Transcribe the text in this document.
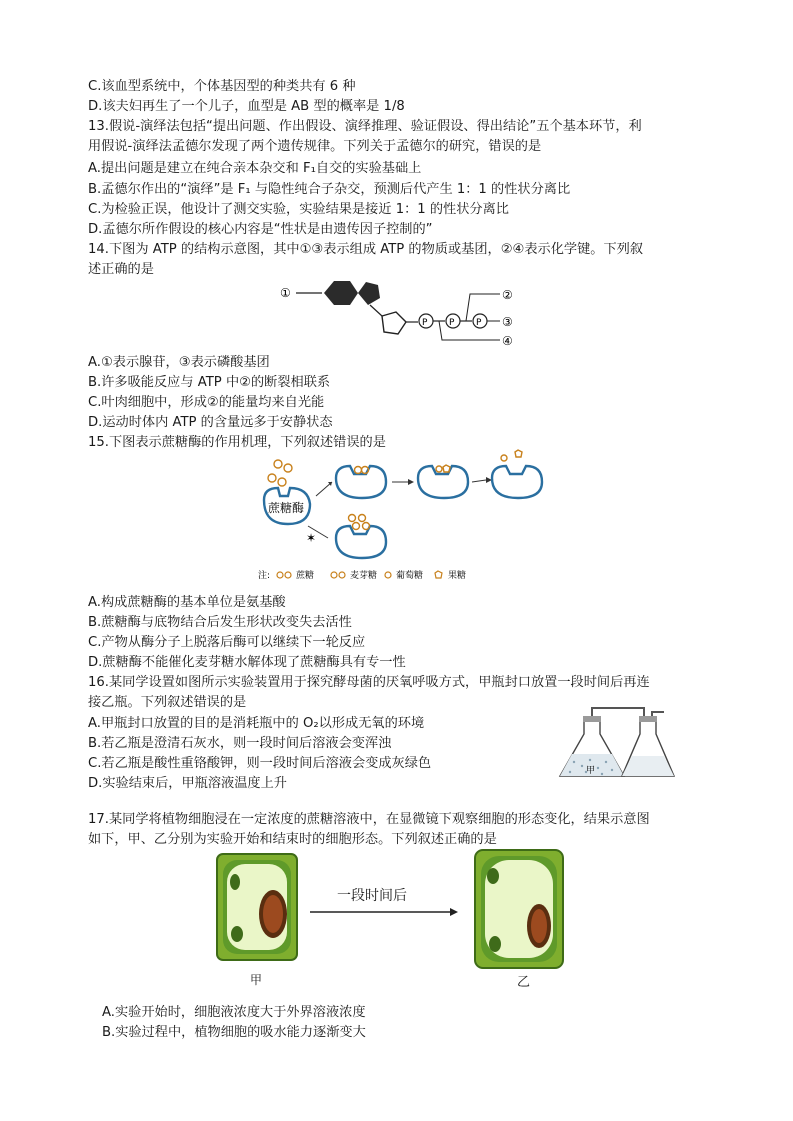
C.该血型系统中，个体基因型的种类共有 6 种
D.该夫妇再生了一个儿子，血型是 AB 型的概率是 1/8
13.假说-演绎法包括“提出问题、作出假设、演绎推理、验证假设、得出结论”五个基本环节，利
用假说-演绎法孟德尔发现了两个遗传规律。下列关于孟德尔的研究，错误的是
A.提出问题是建立在纯合亲本杂交和 F₁自交的实验基础上
B.孟德尔作出的“演绎”是 F₁ 与隐性纯合子杂交，预测后代产生 1：1 的性状分离比
C.为检验正误，他设计了测交实验，实验结果是接近 1：1 的性状分离比
D.孟德尔所作假设的核心内容是“性状是由遗传因子控制的”
14.下图为 ATP 的结构示意图，其中①③表示组成 ATP 的物质或基团，②④表示化学键。下列叙
述正确的是
①
P P P
②
③
④
A.①表示腺苷，③表示磷酸基团
B.许多吸能反应与 ATP 中②的断裂相联系
C.叶肉细胞中，形成②的能量均来自光能
D.运动时体内 ATP 的含量远多于安静状态
15.下图表示蔗糖酶的作用机理，下列叙述错误的是
蔗糖酶
✶
注:	蔗糖	麦芽糖 葡萄糖	果糖
A.构成蔗糖酶的基本单位是氨基酸
B.蔗糖酶与底物结合后发生形状改变失去活性
C.产物从酶分子上脱落后酶可以继续下一轮反应
D.蔗糖酶不能催化麦芽糖水解体现了蔗糖酶具有专一性
16.某同学设置如图所示实验装置用于探究酵母菌的厌氧呼吸方式，甲瓶封口放置一段时间后再连
接乙瓶。下列叙述错误的是
A.甲瓶封口放置的目的是消耗瓶中的 O₂以形成无氧的环境
B.若乙瓶是澄清石灰水，则一段时间后溶液会变浑浊
C.若乙瓶是酸性重铬酸钾，则一段时间后溶液会变成灰绿色
D.实验结束后，甲瓶溶液温度上升
甲
17.某同学将植物细胞浸在一定浓度的蔗糖溶液中，在显微镜下观察细胞的形态变化，结果示意图
如下，甲、乙分别为实验开始和结束时的细胞形态。下列叙述正确的是
一段时间后
甲	乙
A.实验开始时，细胞液浓度大于外界溶液浓度
B.实验过程中，植物细胞的吸水能力逐渐变大
